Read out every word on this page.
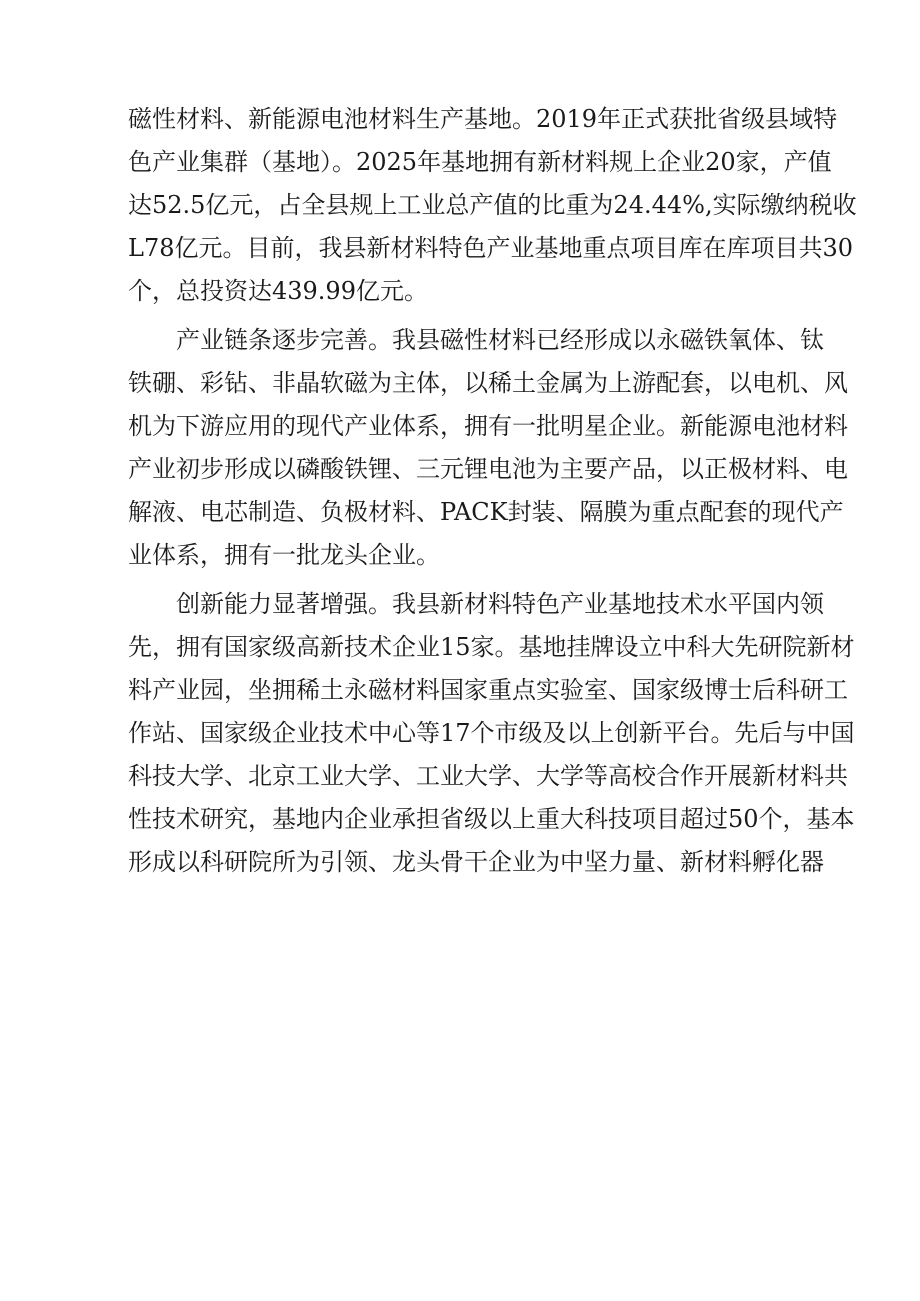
磁性材料、新能源电池材料生产基地。2019年正式获批省级县域特
色产业集群（基地）。2025年基地拥有新材料规上企业20家，产值
达52.5亿元，占全县规上工业总产值的比重为24.44%,实际缴纳税收
L78亿元。目前，我县新材料特色产业基地重点项目库在库项目共30
个，总投资达439.99亿元。

　　产业链条逐步完善。我县磁性材料已经形成以永磁铁氧体、钛
铁硼、彩钻、非晶软磁为主体，以稀土金属为上游配套，以电机、风
机为下游应用的现代产业体系，拥有一批明星企业。新能源电池材料
产业初步形成以磷酸铁锂、三元锂电池为主要产品，以正极材料、电
解液、电芯制造、负极材料、PACK封装、隔膜为重点配套的现代产
业体系，拥有一批龙头企业。

　　创新能力显著增强。我县新材料特色产业基地技术水平国内领
先，拥有国家级高新技术企业15家。基地挂牌设立中科大先研院新材
料产业园，坐拥稀土永磁材料国家重点实验室、国家级博士后科研工
作站、国家级企业技术中心等17个市级及以上创新平台。先后与中国
科技大学、北京工业大学、工业大学、大学等高校合作开展新材料共
性技术研究，基地内企业承担省级以上重大科技项目超过50个，基本
形成以科研院所为引领、龙头骨干企业为中坚力量、新材料孵化器
